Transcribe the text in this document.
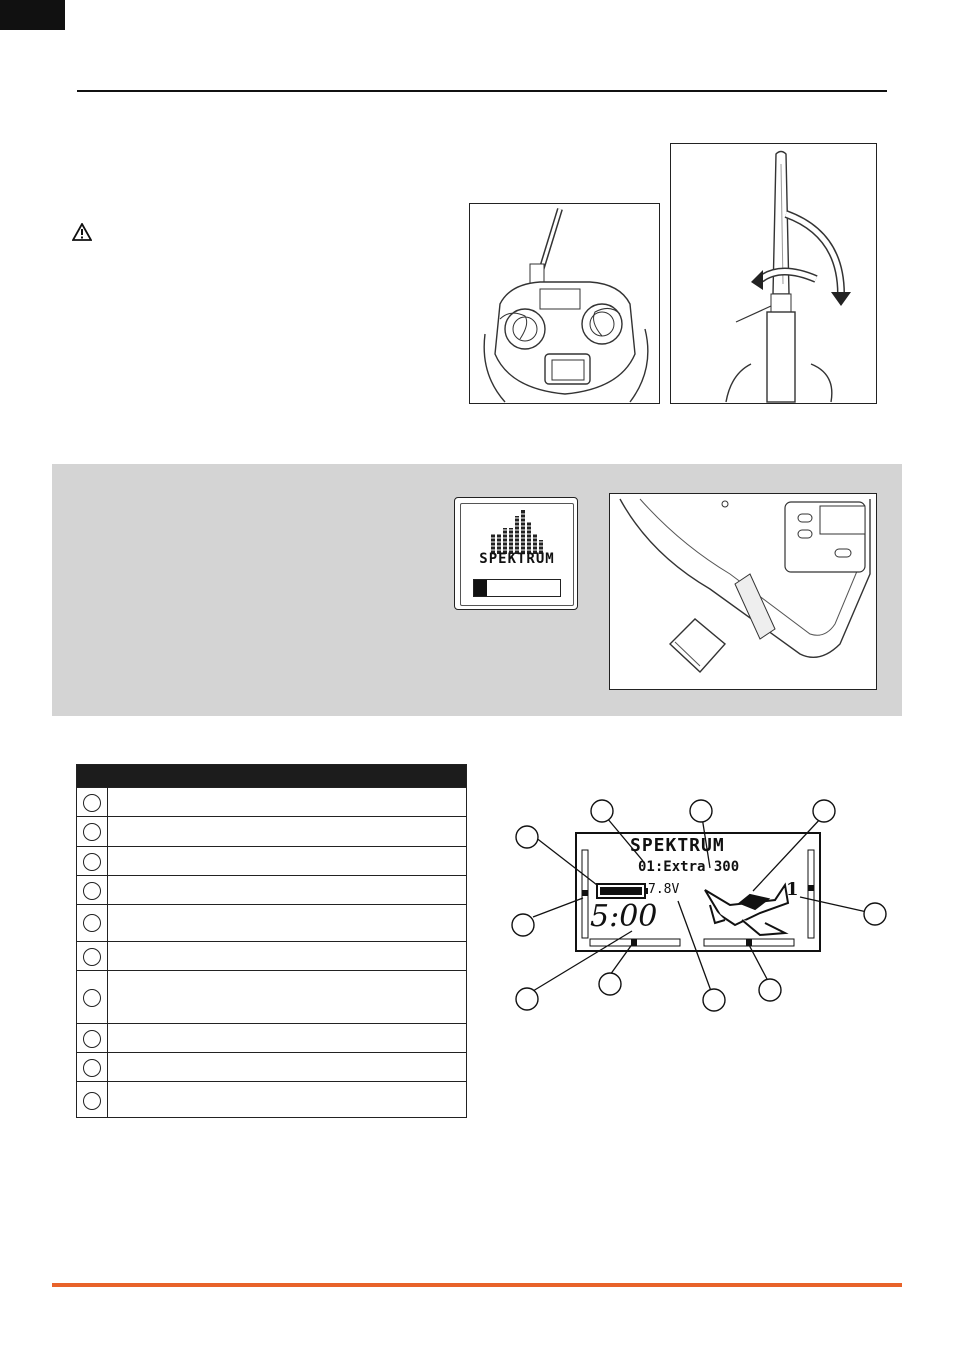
SPEKTRUM
SPEKTRUM
01:Extra 300
7.8V
5:00
1
